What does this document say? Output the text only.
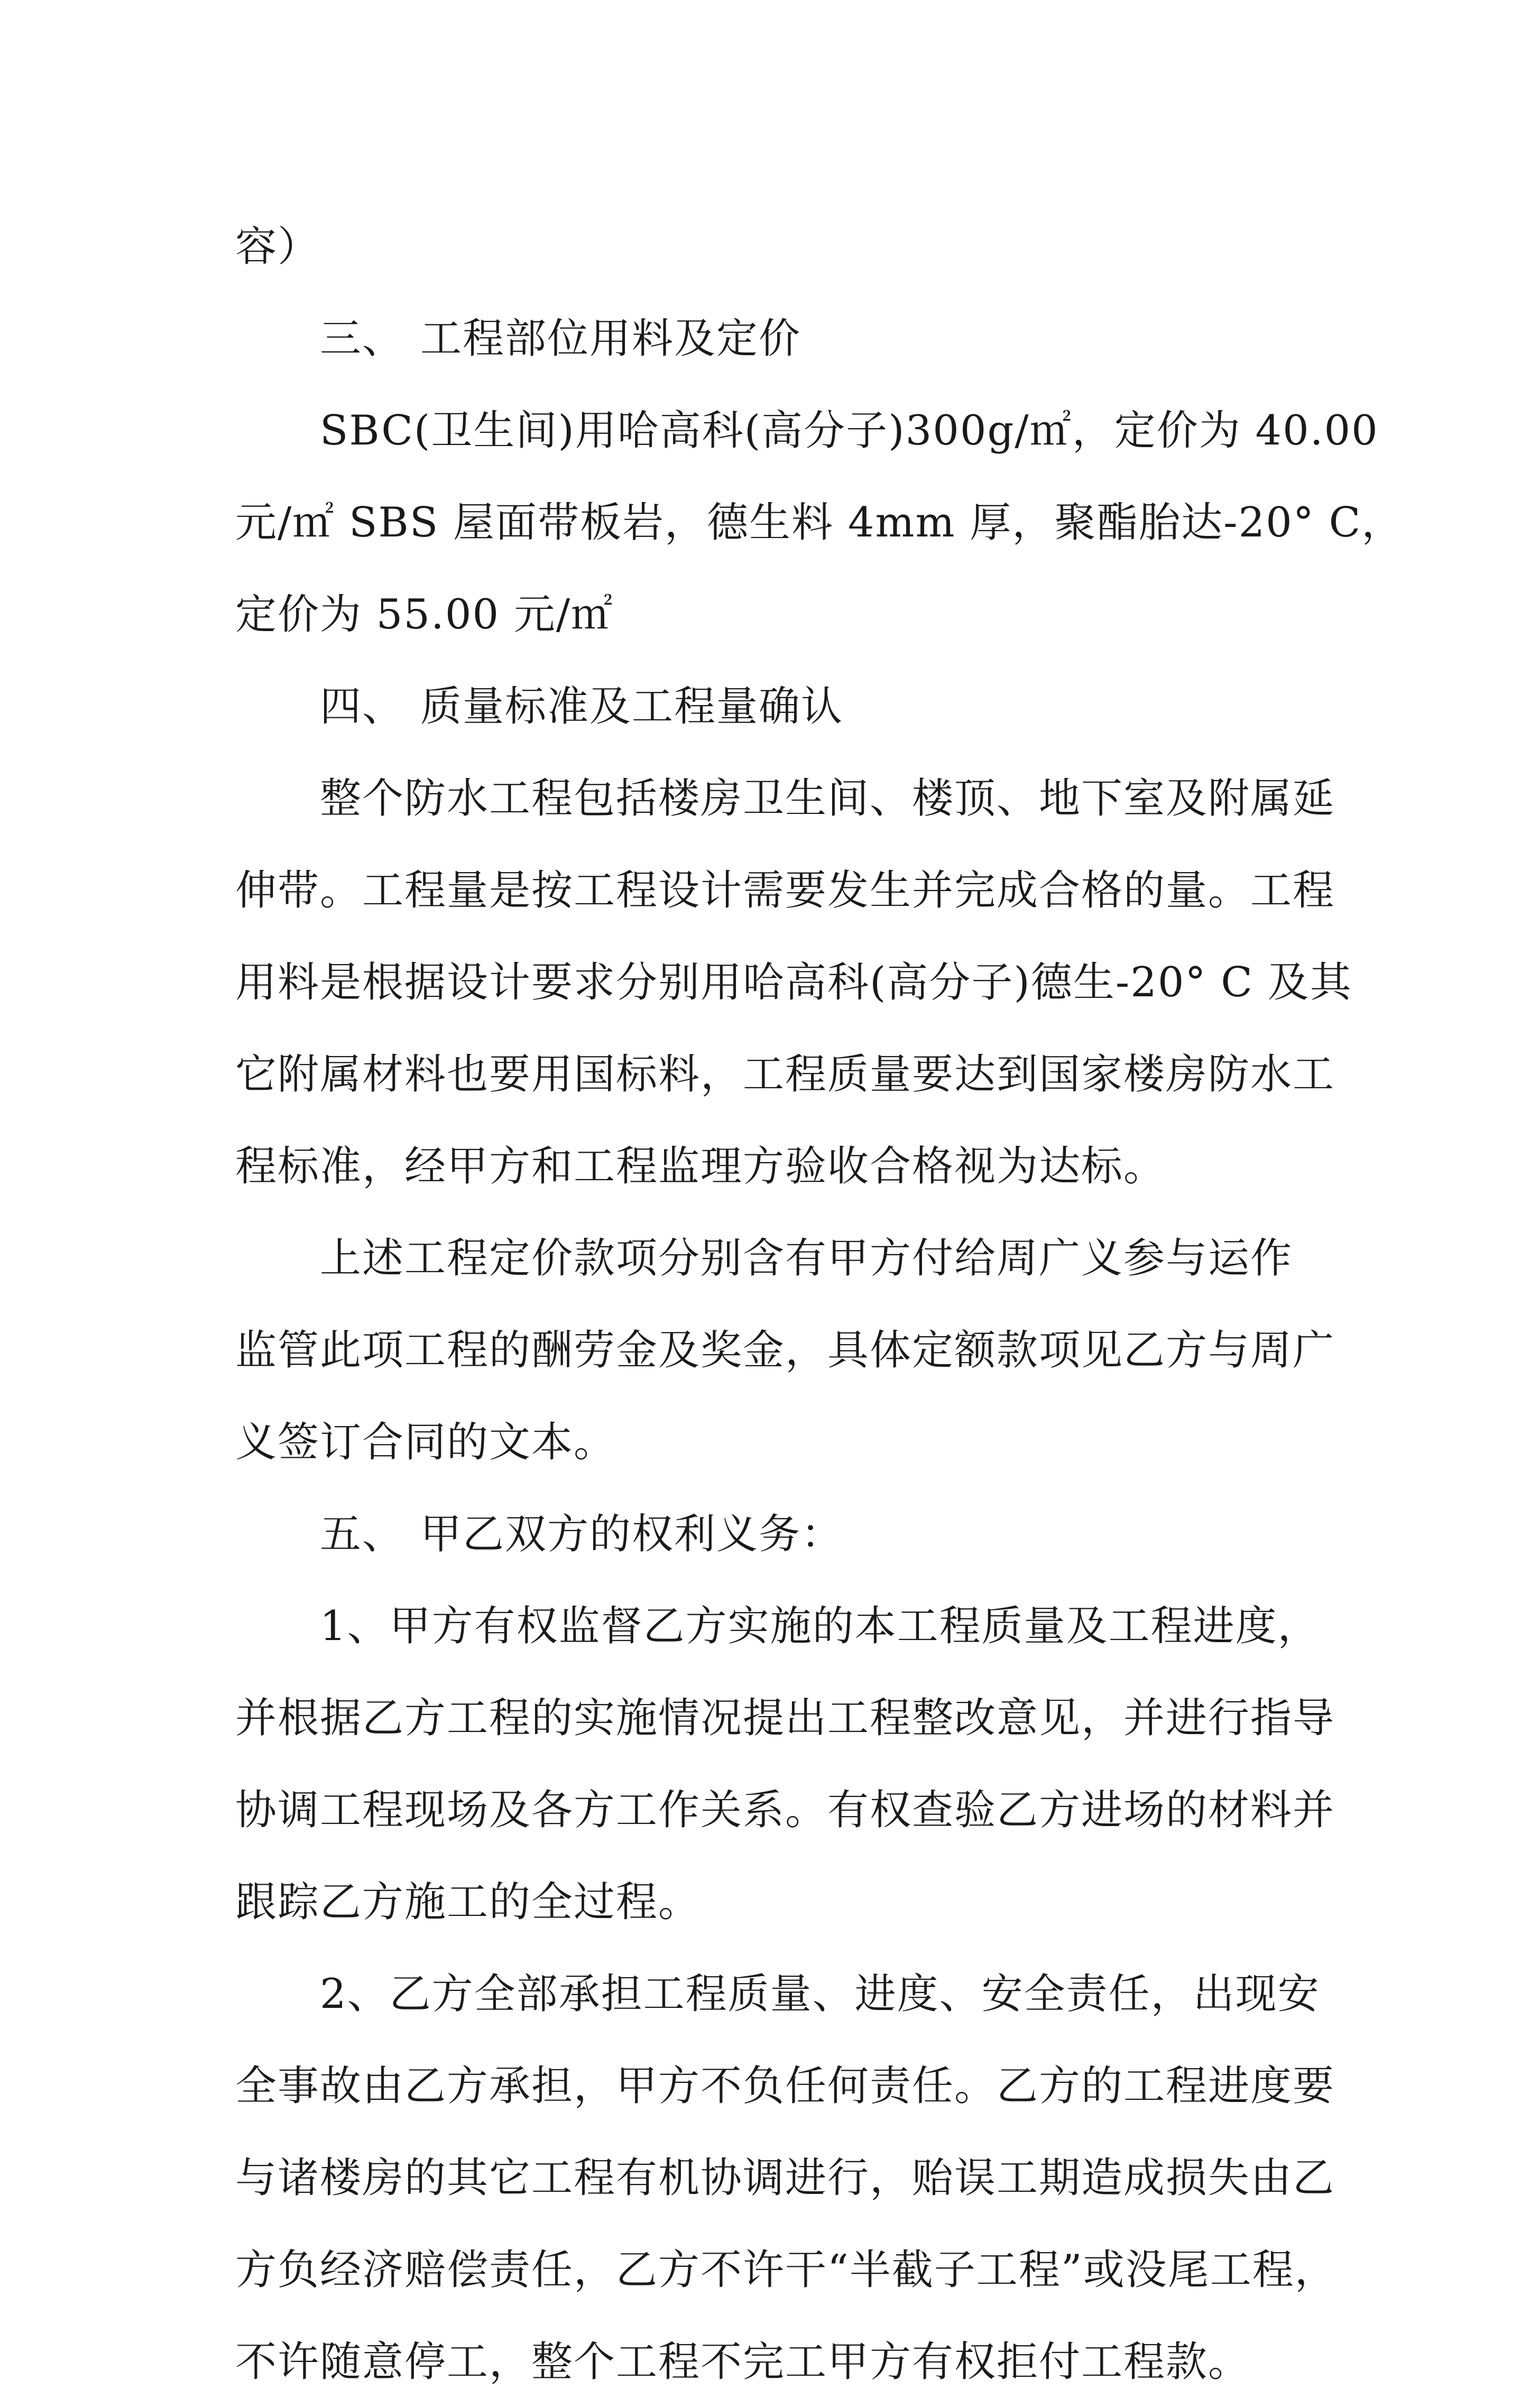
容）
三、 工程部位用料及定价
SBC(卫生间)用哈高科(高分子)300g/㎡，定价为 40.00
元/㎡ SBS 屋面带板岩，德生料 4mm 厚，聚酯胎达-20° C，
定价为 55.00 元/㎡
四、 质量标准及工程量确认
整个防水工程包括楼房卫生间、楼顶、地下室及附属延
伸带。工程量是按工程设计需要发生并完成合格的量。工程
用料是根据设计要求分别用哈高科(高分子)德生-20° C 及其
它附属材料也要用国标料，工程质量要达到国家楼房防水工
程标准，经甲方和工程监理方验收合格视为达标。
上述工程定价款项分别含有甲方付给周广义参与运作
监管此项工程的酬劳金及奖金，具体定额款项见乙方与周广
义签订合同的文本。
五、 甲乙双方的权利义务：
1、甲方有权监督乙方实施的本工程质量及工程进度，
并根据乙方工程的实施情况提出工程整改意见，并进行指导
协调工程现场及各方工作关系。有权查验乙方进场的材料并
跟踪乙方施工的全过程。
2、乙方全部承担工程质量、进度、安全责任，出现安
全事故由乙方承担，甲方不负任何责任。乙方的工程进度要
与诸楼房的其它工程有机协调进行，贻误工期造成损失由乙
方负经济赔偿责任，乙方不许干“半截子工程”或没尾工程，
不许随意停工，整个工程不完工甲方有权拒付工程款。
